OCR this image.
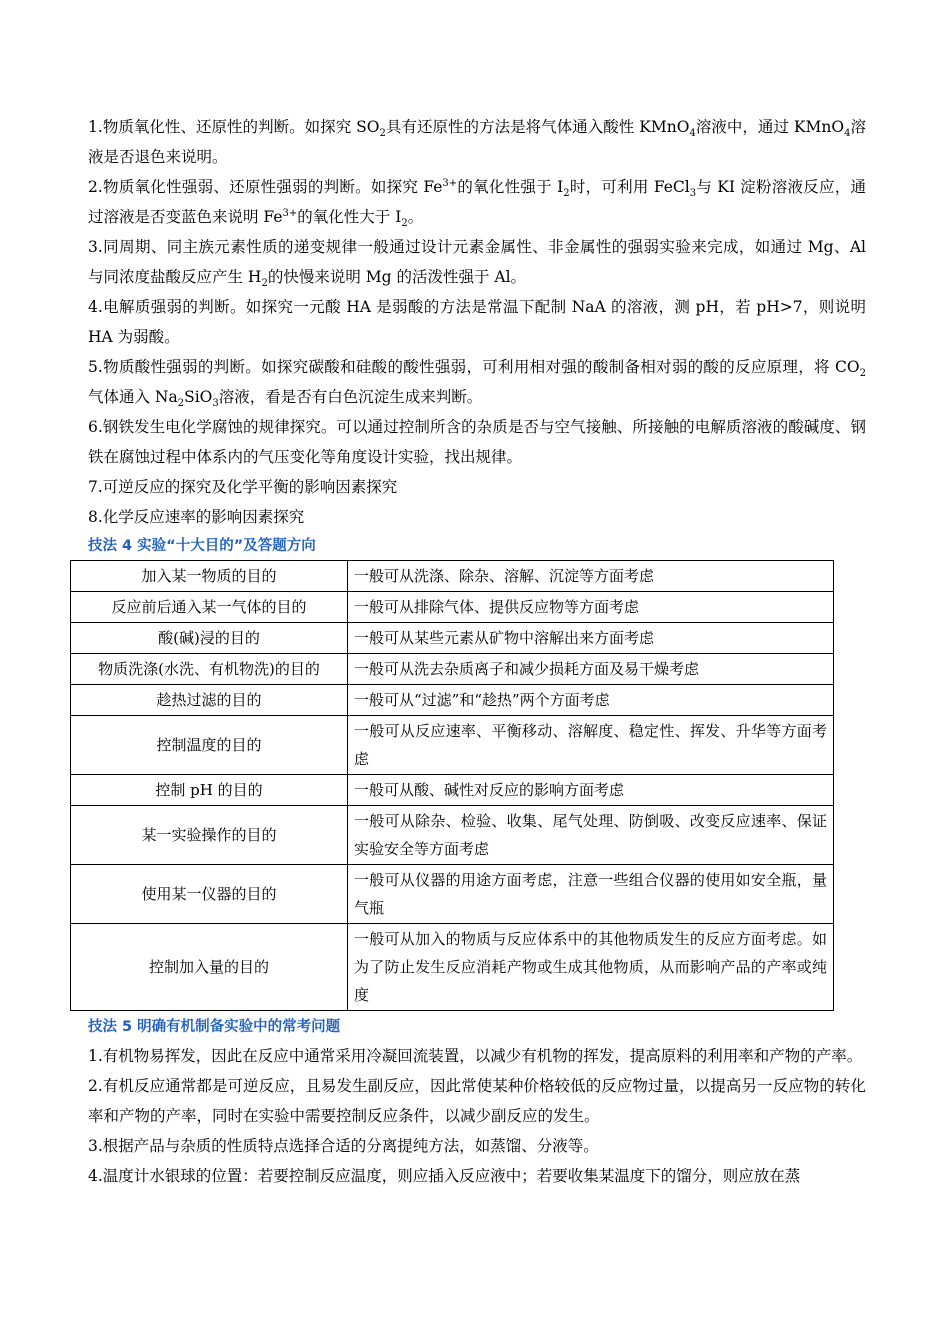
1.物质氧化性、还原性的判断。如探究 $SO_2$具有还原性的方法是将气体通入酸性 KMnO$_4$溶液中，通过 KMnO$_4$溶液是否退色来说明。

2.物质氧化性强弱、还原性强弱的判断。如探究 $Fe^{3+}$的氧化性强于 $I_2$时，可利用 FeCl$_3$与 KI 淀粉溶液反应，通过溶液是否变蓝色来说明 $Fe^{3+}$的氧化性大于 $I_2$。

3.同周期、同主族元素性质的递变规律一般通过设计元素金属性、非金属性的强弱实验来完成，如通过 Mg、Al 与同浓度盐酸反应产生 $H_2$的快慢来说明 Mg 的活泼性强于 Al。

4.电解质强弱的判断。如探究一元酸 HA 是弱酸的方法是常温下配制 NaA 的溶液，测 pH，若 pH>7，则说明 HA 为弱酸。

5.物质酸性强弱的判断。如探究碳酸和硅酸的酸性强弱，可利用相对强的酸制备相对弱的酸的反应原理，将 $CO_2$气体通入 $Na_2SiO_3$溶液，看是否有白色沉淀生成来判断。

6.钢铁发生电化学腐蚀的规律探究。可以通过控制所含的杂质是否与空气接触、所接触的电解质溶液的酸碱度、钢铁在腐蚀过程中体系内的气压变化等角度设计实验，找出规律。

7.可逆反应的探究及化学平衡的影响因素探究

8.化学反应速率的影响因素探究

技法 4 实验“十大目的”及答题方向

加入某一物质的目的	一般可从洗涤、除杂、溶解、沉淀等方面考虑
反应前后通入某一气体的目的	一般可从排除气体、提供反应物等方面考虑
酸(碱)浸的目的	一般可从某些元素从矿物中溶解出来方面考虑
物质洗涤(水洗、有机物洗)的目的	一般可从洗去杂质离子和减少损耗方面及易干燥考虑
趁热过滤的目的	一般可从“过滤”和“趁热”两个方面考虑
控制温度的目的	一般可从反应速率、平衡移动、溶解度、稳定性、挥发、升华等方面考虑
控制 pH 的目的	一般可从酸、碱性对反应的影响方面考虑
某一实验操作的目的	一般可从除杂、检验、收集、尾气处理、防倒吸、改变反应速率、保证实验安全等方面考虑
使用某一仪器的目的	一般可从仪器的用途方面考虑，注意一些组合仪器的使用如安全瓶，量气瓶
控制加入量的目的	一般可从加入的物质与反应体系中的其他物质发生的反应方面考虑。如为了防止发生反应消耗产物或生成其他物质，从而影响产品的产率或纯度

技法 5 明确有机制备实验中的常考问题

1.有机物易挥发，因此在反应中通常采用冷凝回流装置，以减少有机物的挥发，提高原料的利用率和产物的产率。

2.有机反应通常都是可逆反应，且易发生副反应，因此常使某种价格较低的反应物过量，以提高另一反应物的转化率和产物的产率，同时在实验中需要控制反应条件，以减少副反应的发生。

3.根据产品与杂质的性质特点选择合适的分离提纯方法，如蒸馏、分液等。

4.温度计水银球的位置：若要控制反应温度，则应插入反应液中；若要收集某温度下的馏分，则应放在蒸
